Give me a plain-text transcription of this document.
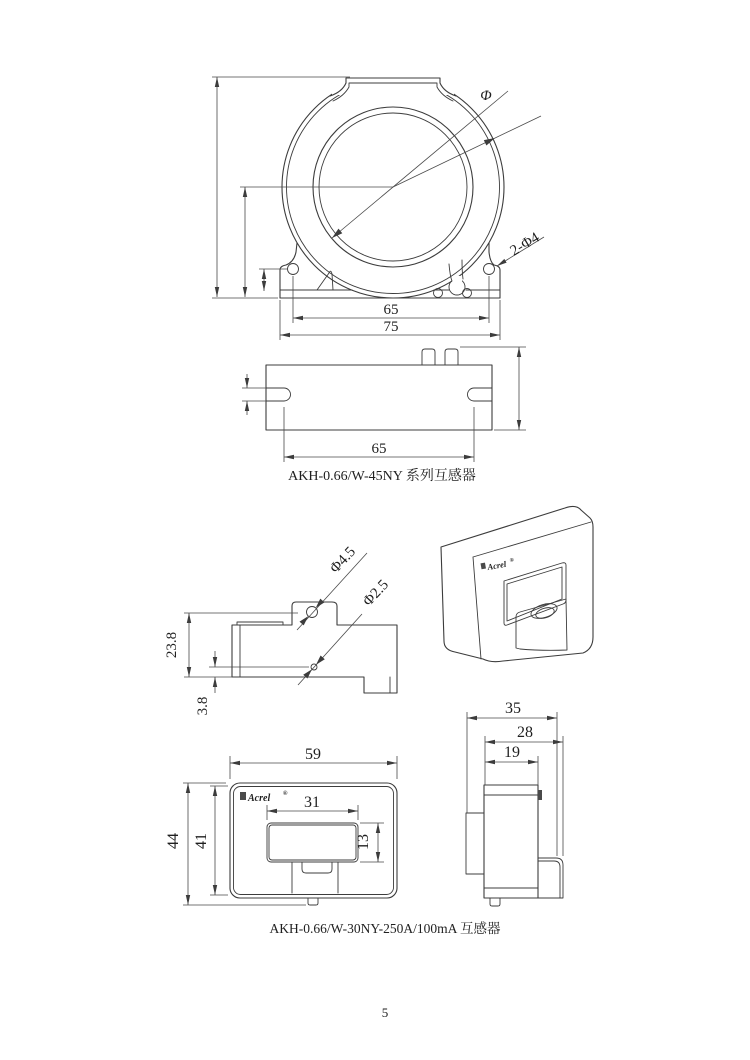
Φ
2-Φ4
65
75
65
AKH-0.66/W-45NY 系列互感器
Φ4.5
Φ2.5
23.8
3.8
Acrel ®
Acrel ®
59
31
13
44 41
35
28
19
AKH-0.66/W-30NY-250A/100mA 互感器
5
